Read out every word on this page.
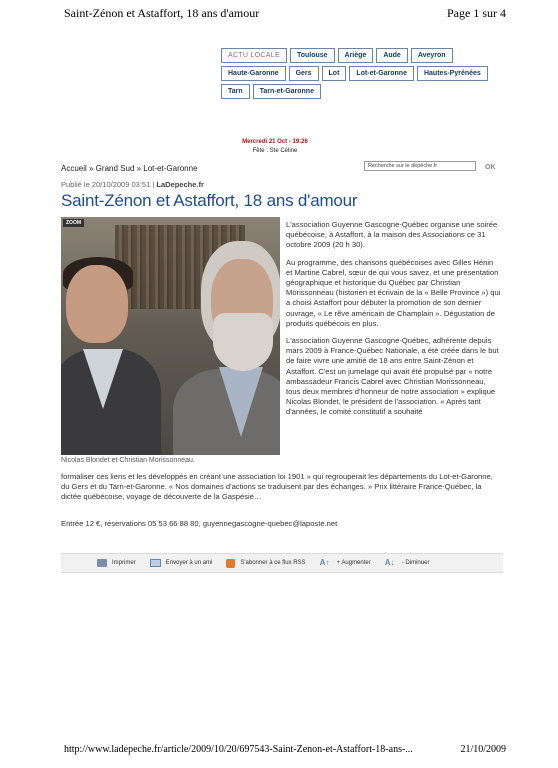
Saint-Zénon et Astaffort, 18 ans d'amour	Page 1 sur 4
ACTU LOCALE	Toulouse	Ariège	Aude	Aveyron
Haute-Garonne	Gers	Lot	Lot-et-Garonne	Hautes-Pyrénées
Tarn	Tarn-et-Garonne
Mercredi 21 Oct - 19:26
Fête : Ste Céline
Accueil » Grand Sud » Lot-et-Garonne	Recherche sur le dépêche.fr	OK
Publié le 20/10/2009 03:51 | LaDepeche.fr
Saint-Zénon et Astaffort, 18 ans d'amour
ZOOM
Nicolas Blondet et Christian Morissonneau.

L'association Guyenne Gascogne-Québec organise une soirée québécoise, à Astaffort, à la maison des Associations ce 31 octobre 2009 (20 h 30).

Au programme, des chansons québécoises avec Gilles Hénin et Martine Cabrel, sœur de qui vous savez, et une présentation géographique et historique du Québec par Christian Morissonneau (historien et écrivain de la « Belle Province ») qui a choisi Astaffort pour débuter la promotion de son dernier ouvrage, « Le rêve américain de Champlain ». Dégustation de produits québécois en plus.

L'association Guyenne Gascogne-Québec, adhérente depuis mars 2009 à France-Québec Nationale, a été créée dans le but de faire vivre une amitié de 18 ans entre Saint-Zénon et Astaffort. C'est un jumelage qui avait été propulsé par « notre ambassadeur Francis Cabrel avec Christian Morissonneau, tous deux membres d'honneur de notre association » explique Nicolas Blondet, le président de l'association. « Après tant d'années, le comité constitutif a souhaité

formaliser ces liens et les développés en créant une association loi 1901 » qui regrouperait les départements du Lot-et-Garonne, du Gers et du Tarn-et-Garonne. « Nos domaines d'actions se traduisent par des échanges. » Prix littéraire France-Québec, la dictée québécoise, voyage de découverte de la Gaspésie…
Entrée 12 €, réservations 05 53 66 88 80, guyennegascogne-quebec@laposte.net
Imprimer	Envoyer à un ami	S'abonner à ce flux RSS A↑	+ Augmenter A↓	- Diminuer
http://www.ladepeche.fr/article/2009/10/20/697543-Saint-Zenon-et-Astaffort-18-ans-...	21/10/2009
